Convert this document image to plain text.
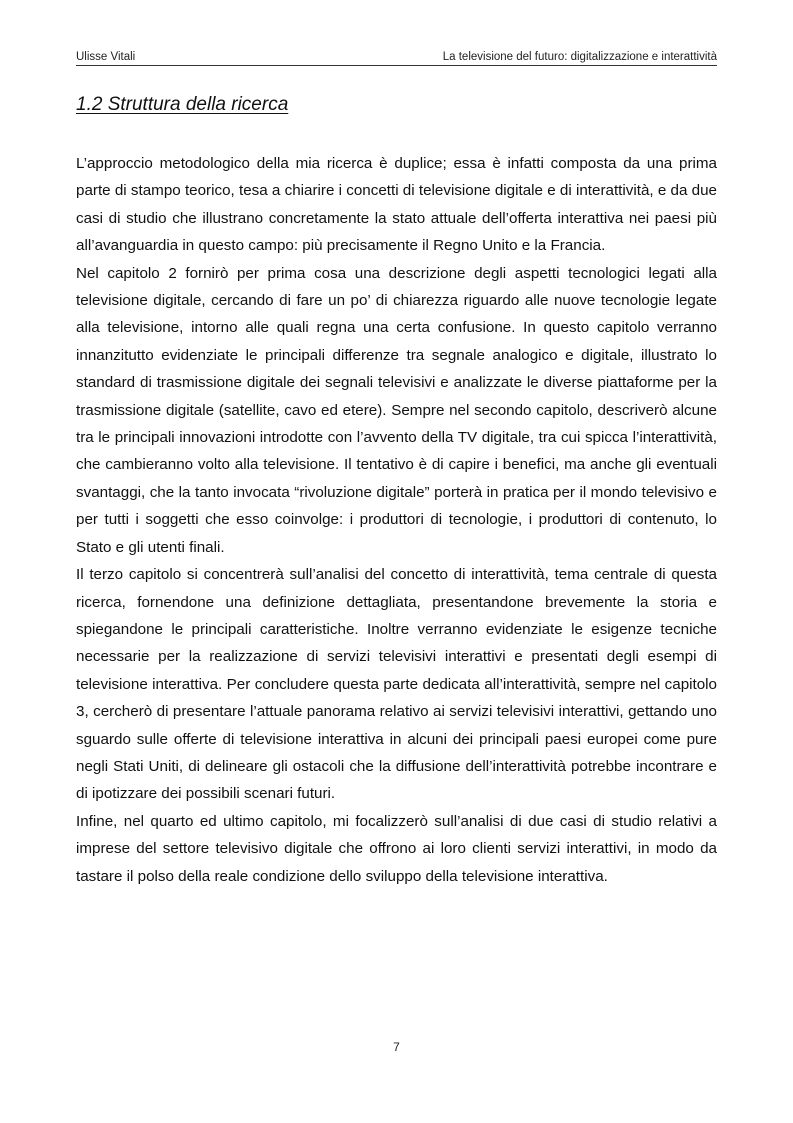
Ulisse Vitali	La televisione del futuro: digitalizzazione e interattività
1.2 Struttura della ricerca

L’approccio metodologico della mia ricerca è duplice; essa è infatti composta da una prima parte di stampo teorico, tesa a chiarire i concetti di televisione digitale e di interattività, e da due casi di studio che illustrano concretamente la stato attuale dell’offerta interattiva nei paesi più all’avanguardia in questo campo: più precisamente il Regno Unito e la Francia.

Nel capitolo 2 fornirò per prima cosa una descrizione degli aspetti tecnologici legati alla televisione digitale, cercando di fare un po’ di chiarezza riguardo alle nuove tecnologie legate alla televisione, intorno alle quali regna una certa confusione. In questo capitolo verranno innanzitutto evidenziate le principali differenze tra segnale analogico e digitale, illustrato lo standard di trasmissione digitale dei segnali televisivi e analizzate le diverse piattaforme per la trasmissione digitale (satellite, cavo ed etere). Sempre nel secondo capitolo, descriverò alcune tra le principali innovazioni introdotte con l’avvento della TV digitale, tra cui spicca l’interattività, che cambieranno volto alla televisione. Il tentativo è di capire i benefici, ma anche gli eventuali svantaggi, che la tanto invocata “rivoluzione digitale” porterà in pratica per il mondo televisivo e per tutti i soggetti che esso coinvolge: i produttori di tecnologie, i produttori di contenuto, lo Stato e gli utenti finali.

Il terzo capitolo si concentrerà sull’analisi del concetto di interattività, tema centrale di questa ricerca, fornendone una definizione dettagliata, presentandone brevemente la storia e spiegandone le principali caratteristiche. Inoltre verranno evidenziate le esigenze tecniche necessarie per la realizzazione di servizi televisivi interattivi e presentati degli esempi di televisione interattiva. Per concludere questa parte dedicata all’interattività, sempre nel capitolo 3, cercherò di presentare l’attuale panorama relativo ai servizi televisivi interattivi, gettando uno sguardo sulle offerte di televisione interattiva in alcuni dei principali paesi europei come pure negli Stati Uniti, di delineare gli ostacoli che la diffusione dell’interattività potrebbe incontrare e di ipotizzare dei possibili scenari futuri.

Infine, nel quarto ed ultimo capitolo, mi focalizzerò sull’analisi di due casi di studio relativi a imprese del settore televisivo digitale che offrono ai loro clienti servizi interattivi, in modo da tastare il polso della reale condizione dello sviluppo della televisione interattiva.

7
